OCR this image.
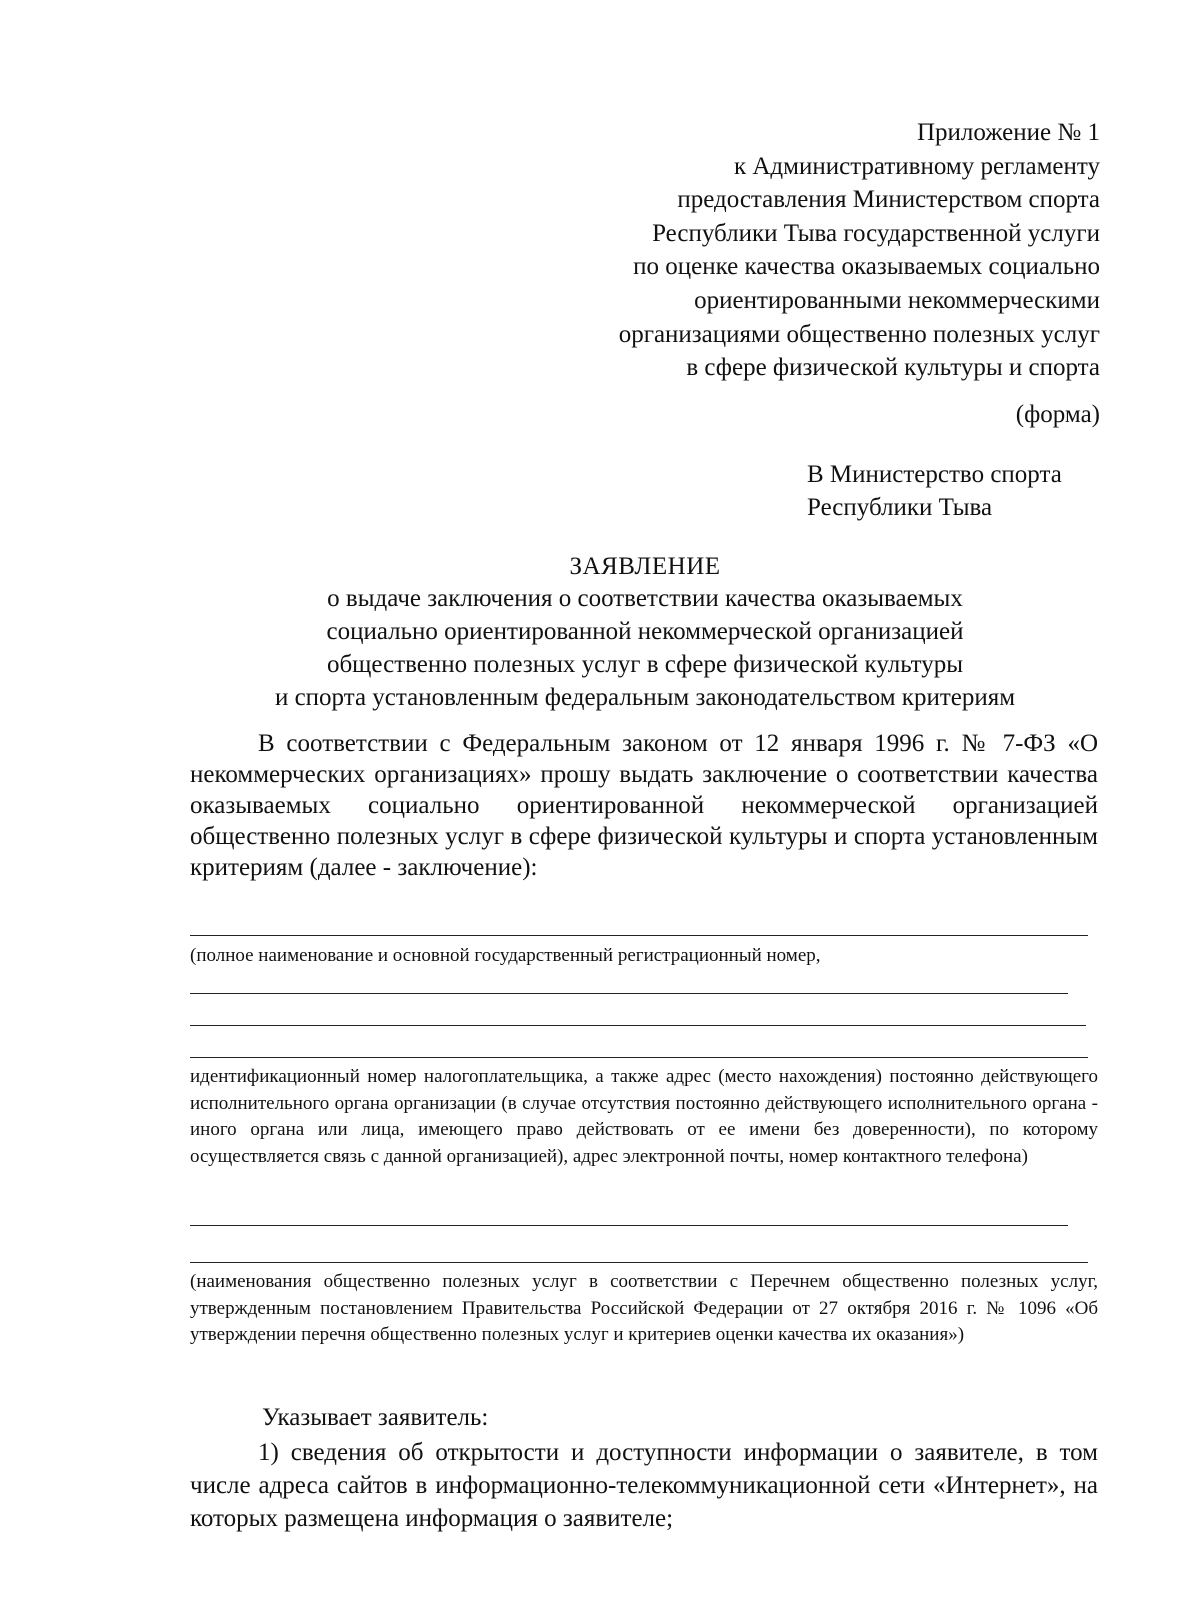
Приложение № 1
к Административному регламенту
предоставления Министерством спорта
Республики Тыва государственной услуги
по оценке качества оказываемых социально
ориентированными некоммерческими
организациями общественно полезных услуг
в сфере физической культуры и спорта
(форма)
В Министерство спорта
Республики Тыва
ЗАЯВЛЕНИЕ
о выдаче заключения о соответствии качества оказываемых
социально ориентированной некоммерческой организацией
общественно полезных услуг в сфере физической культуры
и спорта установленным федеральным законодательством критериям
В соответствии с Федеральным законом от 12 января 1996 г. № 7-ФЗ «О некоммерческих организациях» прошу выдать заключение о соответствии качества оказываемых социально ориентированной некоммерческой организацией общественно полезных услуг в сфере физической культуры и спорта установленным критериям (далее - заключение):
(полное наименование и основной государственный регистрационный номер,
идентификационный номер налогоплательщика, а также адрес (место нахождения) постоянно действующего исполнительного органа организации (в случае отсутствия постоянно действующего исполнительного органа - иного органа или лица, имеющего право действовать от ее имени без доверенности), по которому осуществляется связь с данной организацией), адрес электронной почты, номер контактного телефона)
(наименования общественно полезных услуг в соответствии с Перечнем общественно полезных услуг, утвержденным постановлением Правительства Российской Федерации от 27 октября 2016 г. № 1096 «Об утверждении перечня общественно полезных услуг и критериев оценки качества их оказания»)
Указывает заявитель:
1) сведения об открытости и доступности информации о заявителе, в том числе адреса сайтов в информационно-телекоммуникационной сети «Интернет», на которых размещена информация о заявителе;
